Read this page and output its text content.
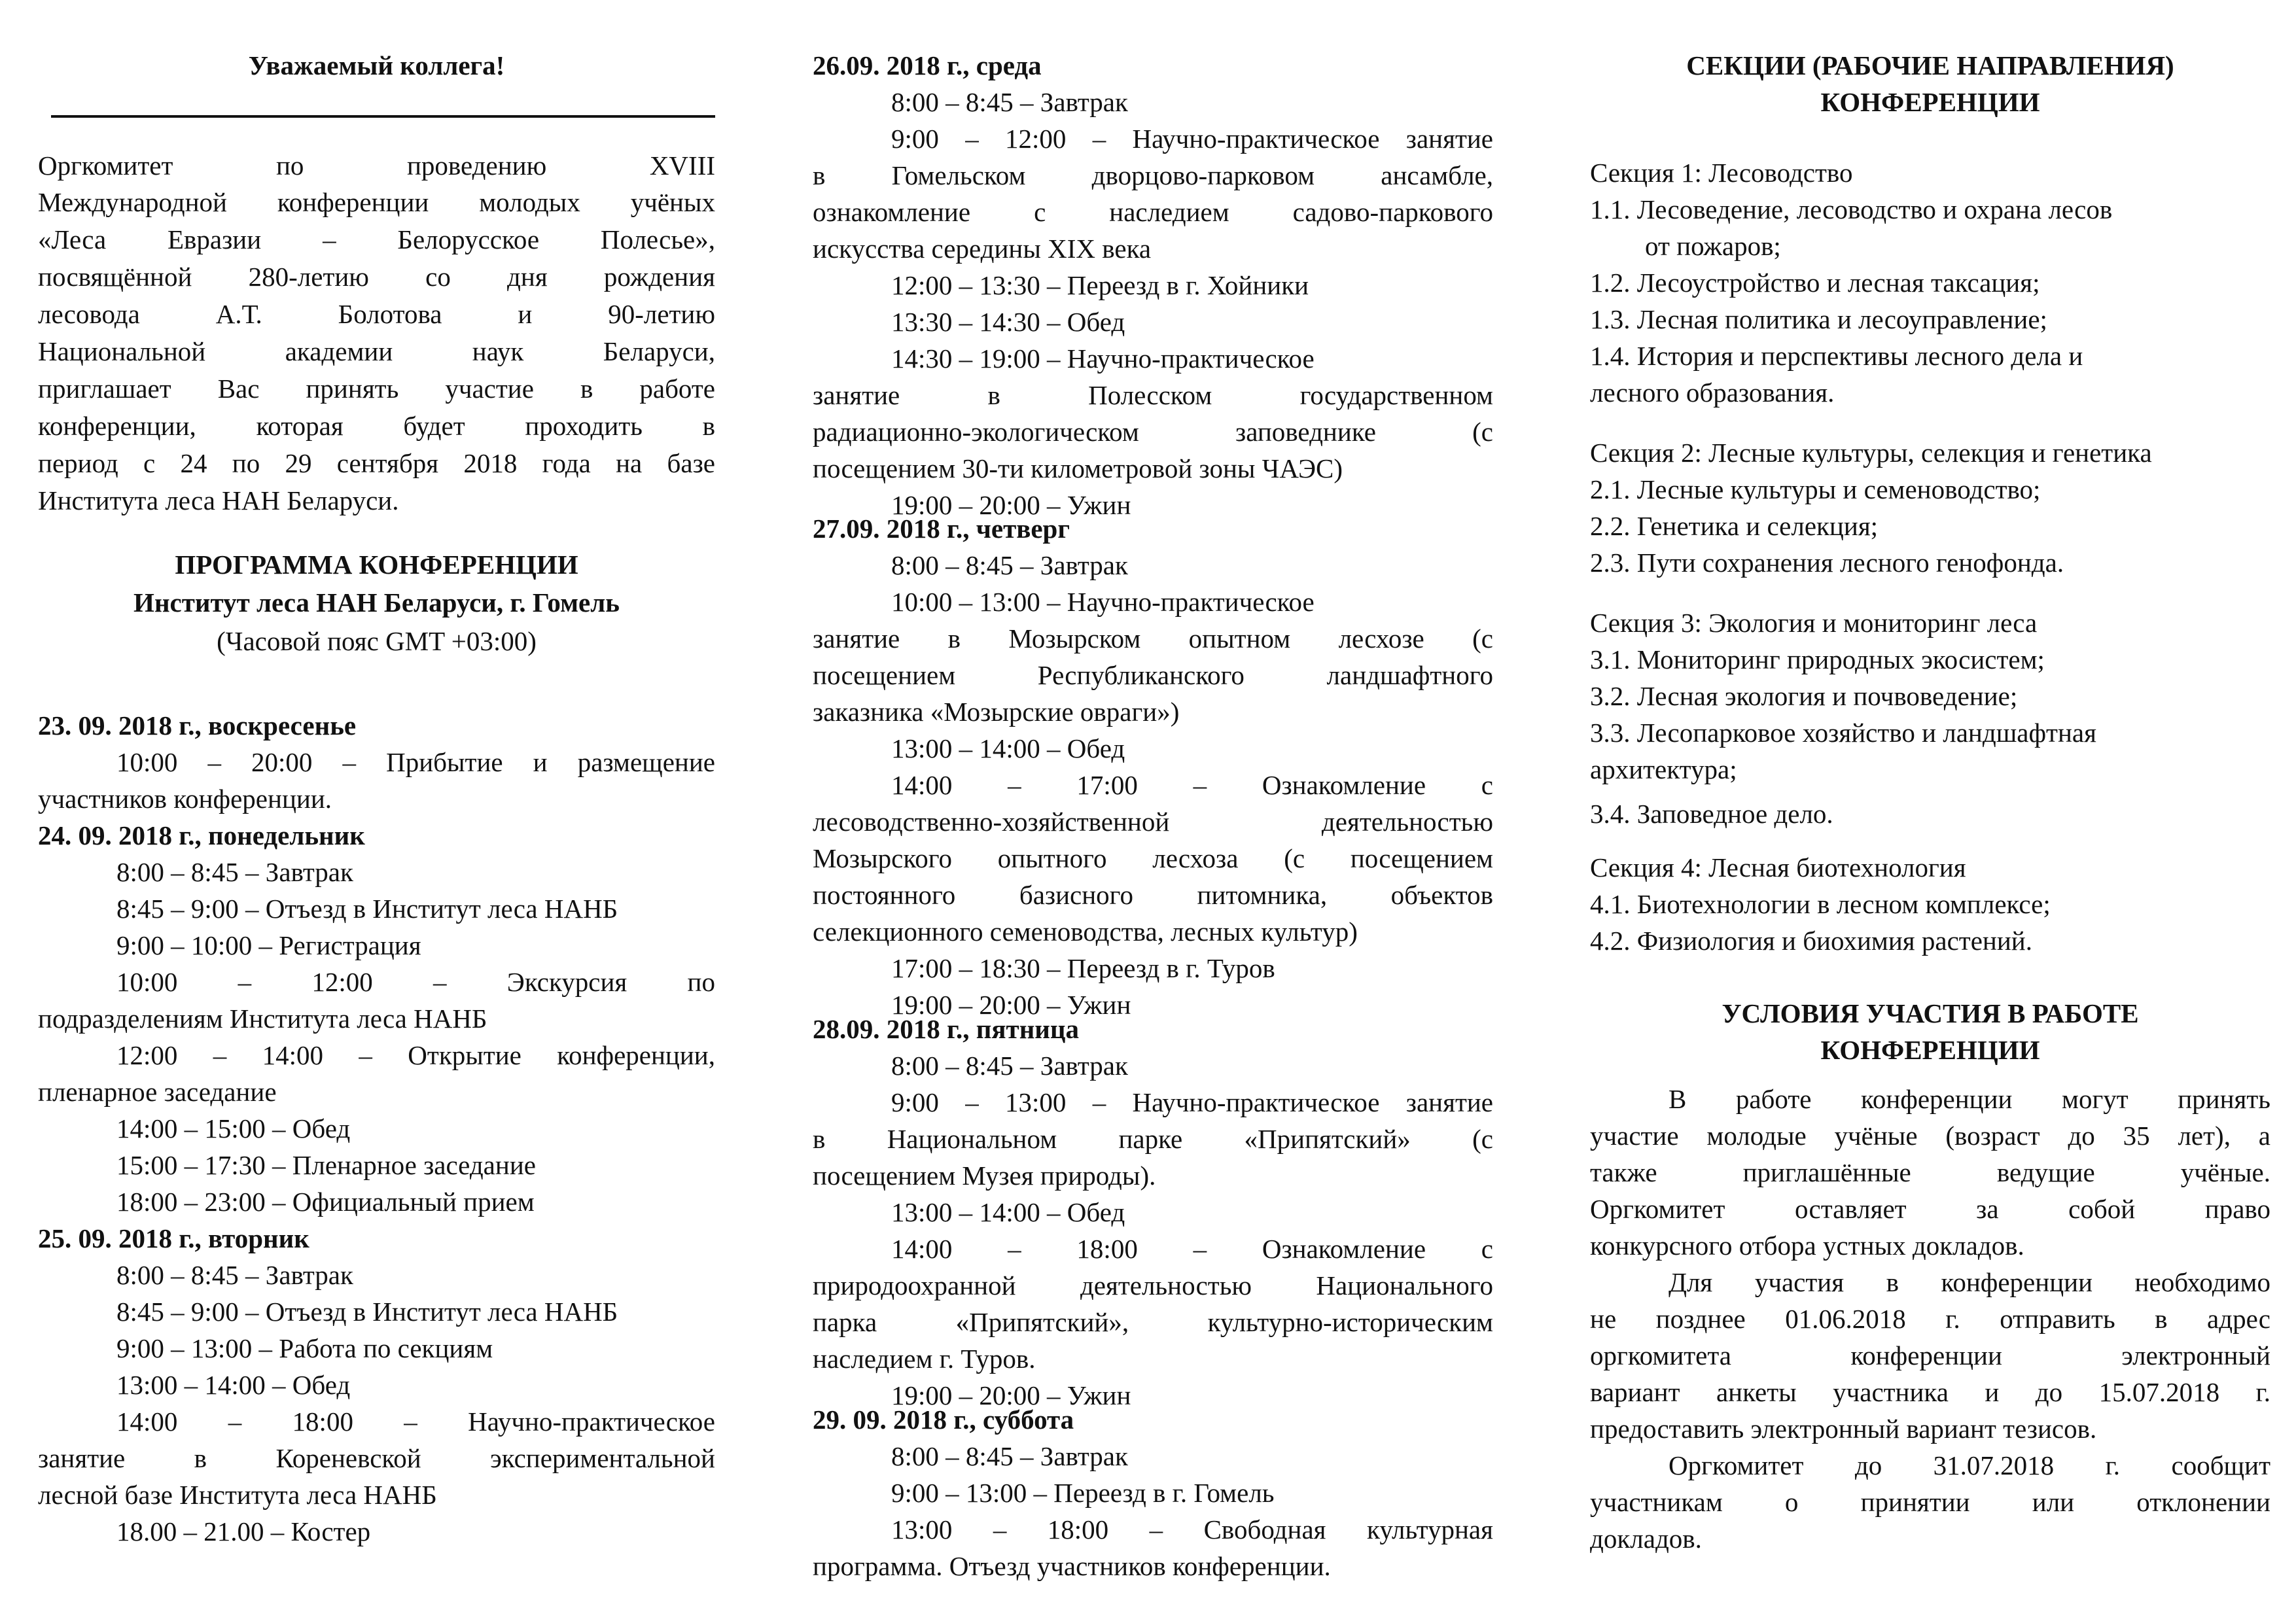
Уважаемый коллега!
Оргкомитет по проведению XVIII
Международной конференции молодых учёных
«Леса Евразии – Белорусское Полесье»,
посвящённой 280-летию со дня рождения
лесовода А.Т. Болотова и 90-летию
Национальной академии наук Беларуси,
приглашает Вас принять участие в работе
конференции, которая будет проходить в
период с 24 по 29 сентября 2018 года на базе
Института леса НАН Беларуси.
ПРОГРАММА КОНФЕРЕНЦИИ
Институт леса НАН Беларуси, г. Гомель
(Часовой пояс GMT +03:00)
23. 09. 2018 г., воскресенье
10:00 – 20:00 – Прибытие и размещение
участников конференции.
24. 09. 2018 г., понедельник
8:00 – 8:45 – Завтрак
8:45 – 9:00 – Отъезд в Институт леса НАНБ
9:00 – 10:00 – Регистрация
10:00 – 12:00 – Экскурсия по
подразделениям Института леса НАНБ
12:00 – 14:00 – Открытие конференции,
пленарное заседание
14:00 – 15:00 – Обед
15:00 – 17:30 – Пленарное заседание
18:00 – 23:00 – Официальный прием
25. 09. 2018 г., вторник
8:00 – 8:45 – Завтрак
8:45 – 9:00 – Отъезд в Институт леса НАНБ
9:00 – 13:00 – Работа по секциям
13:00 – 14:00 – Обед
14:00 – 18:00 – Научно-практическое
занятие в Кореневской экспериментальной
лесной базе Института леса НАНБ
18.00 – 21.00 – Костер
26.09. 2018 г., среда
8:00 – 8:45 – Завтрак
9:00 – 12:00 – Научно-практическое занятие
в Гомельском дворцово-парковом ансамбле,
ознакомление с наследием садово-паркового
искусства середины XIX века
12:00 – 13:30 – Переезд в г. Хойники
13:30 – 14:30 – Обед
14:30 – 19:00 – Научно-практическое
занятие в Полесском государственном
радиационно-экологическом заповеднике (с
посещением 30-ти километровой зоны ЧАЭС)
19:00 – 20:00 – Ужин
27.09. 2018 г., четверг
8:00 – 8:45 – Завтрак
10:00 – 13:00 – Научно-практическое
занятие в Мозырском опытном лесхозе (с
посещением Республиканского ландшафтного
заказника «Мозырские овраги»)
13:00 – 14:00 – Обед
14:00 – 17:00 – Ознакомление с
лесоводственно-хозяйственной деятельностью
Мозырского опытного лесхоза (с посещением
постоянного базисного питомника, объектов
селекционного семеноводства, лесных культур)
17:00 – 18:30 – Переезд в г. Туров
19:00 – 20:00 – Ужин
28.09. 2018 г., пятница
8:00 – 8:45 – Завтрак
9:00 – 13:00 – Научно-практическое занятие
в Национальном парке «Припятский» (с
посещением Музея природы).
13:00 – 14:00 – Обед
14:00 – 18:00 – Ознакомление с
природоохранной деятельностью Национального
парка «Припятский», культурно-историческим
наследием г. Туров.
19:00 – 20:00 – Ужин
29. 09. 2018 г., суббота
8:00 – 8:45 – Завтрак
9:00 – 13:00 – Переезд в г. Гомель
13:00 – 18:00 – Свободная культурная
программа. Отъезд участников конференции.
СЕКЦИИ (РАБОЧИЕ НАПРАВЛЕНИЯ)
КОНФЕРЕНЦИИ
Секция 1: Лесоводство
1.1. Лесоведение, лесоводство и охрана лесов
от пожаров;
1.2. Лесоустройство и лесная таксация;
1.3. Лесная политика и лесоуправление;
1.4. История и перспективы лесного дела и
лесного образования.
Секция 2: Лесные культуры, селекция и генетика
2.1. Лесные культуры и семеноводство;
2.2. Генетика и селекция;
2.3. Пути сохранения лесного генофонда.
Секция 3: Экология и мониторинг леса
3.1. Мониторинг природных экосистем;
3.2. Лесная экология и почвоведение;
3.3. Лесопарковое хозяйство и ландшафтная
архитектура;
3.4. Заповедное дело.
Секция 4: Лесная биотехнология
4.1. Биотехнологии в лесном комплексе;
4.2. Физиология и биохимия растений.
УСЛОВИЯ УЧАСТИЯ В РАБОТЕ
КОНФЕРЕНЦИИ
В работе конференции могут принять
участие молодые учёные (возраст до 35 лет), а
также приглашённые ведущие учёные.
Оргкомитет оставляет за собой право
конкурсного отбора устных докладов.
Для участия в конференции необходимо
не позднее 01.06.2018 г. отправить в адрес
оргкомитета конференции электронный
вариант анкеты участника и до 15.07.2018 г.
предоставить электронный вариант тезисов.
Оргкомитет до 31.07.2018 г. сообщит
участникам о принятии или отклонении
докладов.
